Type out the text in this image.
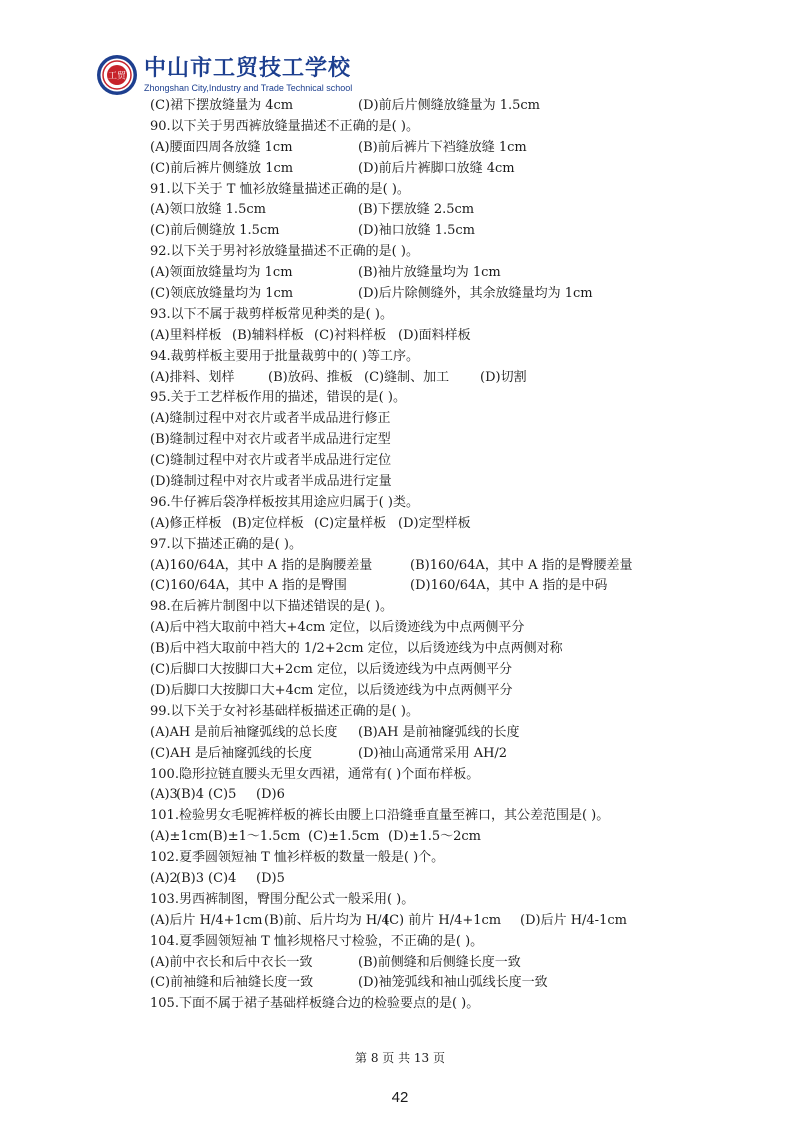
工贸 中山市工贸技工学校
Zhongshan City,Industry and Trade Technical school
(C)裙下摆放缝量为 4cm	(D)前后片侧缝放缝量为 1.5cm
90.以下关于男西裤放缝量描述不正确的是( )。
(A)腰面四周各放缝 1cm	(B)前后裤片下裆缝放缝 1cm
(C)前后裤片侧缝放 1cm	(D)前后片裤脚口放缝 4cm
91.以下关于 T 恤衫放缝量描述正确的是( )。
(A)领口放缝 1.5cm	(B)下摆放缝 2.5cm
(C)前后侧缝放 1.5cm	(D)袖口放缝 1.5cm
92.以下关于男衬衫放缝量描述不正确的是( )。
(A)领面放缝量均为 1cm	(B)袖片放缝量均为 1cm
(C)领底放缝量均为 1cm	(D)后片除侧缝外，其余放缝量均为 1cm
93.以下不属于裁剪样板常见种类的是( )。
(A)里料样板 (B)辅料样板 (C)衬料样板 (D)面料样板
94.裁剪样板主要用于批量裁剪中的( )等工序。
(A)排料、划样	(B)放码、推板 (C)缝制、加工 (D)切割
95.关于工艺样板作用的描述，错误的是( )。
(A)缝制过程中对衣片或者半成品进行修正
(B)缝制过程中对衣片或者半成品进行定型
(C)缝制过程中对衣片或者半成品进行定位
(D)缝制过程中对衣片或者半成品进行定量
96.牛仔裤后袋净样板按其用途应归属于( )类。
(A)修正样板 (B)定位样板 (C)定量样板 (D)定型样板
97.以下描述正确的是( )。
(A)160/64A，其中 A 指的是胸腰差量	(B)160/64A，其中 A 指的是臀腰差量
(C)160/64A，其中 A 指的是臀围	(D)160/64A，其中 A 指的是中码
98.在后裤片制图中以下描述错误的是( )。
(A)后中裆大取前中裆大+4cm 定位，以后烫迹线为中点两侧平分
(B)后中裆大取前中裆大的 1/2+2cm 定位，以后烫迹线为中点两侧对称
(C)后脚口大按脚口大+2cm 定位，以后烫迹线为中点两侧平分
(D)后脚口大按脚口大+4cm 定位，以后烫迹线为中点两侧平分
99.以下关于女衬衫基础样板描述正确的是( )。
(A)AH 是前后袖窿弧线的总长度 (B)AH 是前袖窿弧线的长度
(C)AH 是后袖窿弧线的长度	(D)袖山高通常采用 AH/2
100.隐形拉链直腰头无里女西裙，通常有( )个面布样板。
(A)3(B)4 (C)5 (D)6
101.检验男女毛呢裤样板的裤长由腰上口沿缝垂直量至裤口，其公差范围是( )。
(A)±1cm(B)±1～1.5cm (C)±1.5cm (D)±1.5～2cm
102.夏季圆领短袖 T 恤衫样板的数量一般是( )个。
(A)2(B)3 (C)4 (D)5
103.男西裤制图，臀围分配公式一般采用( )。
(A)后片 H/4+1cm (B)前、后片均为 H/4(C) 前片 H/4+1cm (D)后片 H/4-1cm
104.夏季圆领短袖 T 恤衫规格尺寸检验，不正确的是( )。
(A)前中衣长和后中衣长一致	(B)前侧缝和后侧缝长度一致
(C)前袖缝和后袖缝长度一致	(D)袖笼弧线和袖山弧线长度一致
105.下面不属于裙子基础样板缝合边的检验要点的是( )。
第 8 页 共 13 页
42
